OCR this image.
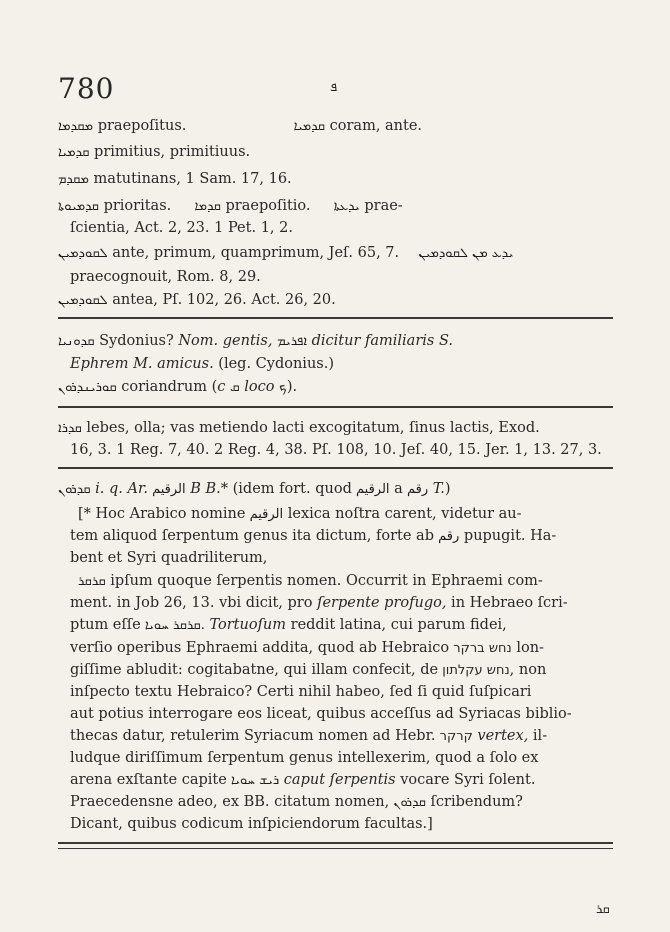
780	ܦ
ܡܩܕܡܐ praepoſitus.	ܩܕܡܝܐ coram, ante.
ܩܕܡܝܐ primitius, primitiuus.
ܡܩܕܡ matutinans, 1 Sam. 17, 16.
ܩܕܡܝܘܬܐ prioritas. ܩܕܡܐ praepoſitio. ܝܕܥܬܐ prae-
ſcientia, Act. 2, 23. 1 Pet. 1, 2.
ܠܩܘܕܡܝܢ ante, primum, quamprimum, Jeſ. 65, 7. ܝܕܥ ܡܢ ܠܩܘܕܡܝܢ
praecognouit, Rom. 8, 29.
ܠܩܘܕܡܝܢ antea, Pſ. 102, 26. Act. 26, 20.
ܩܕܘܢܝܐ Sydonius? Nom. gentis, ܐܦܪܝܡ dicitur familiaris S.
Ephrem M. amicus. (leg. Cydonius.)
ܩܘܪܝܢܕܪܘܢ coriandrum (c ܩ loco ܟ).
ܩܕܪܐ lebes, olla; vas metiendo lacti excogitatum, ſinus lactis, Exod.
16, 3. 1 Reg. 7, 40. 2 Reg. 4, 38. Pſ. 108, 10. Jeſ. 40, 15. Jer. 1, 13. 27, 3.
ܩܕܪܘܢ i. q. Ar. الرقيم B B.* (idem fort. quod الرقيم a رقم T.)
[* Hoc Arabico nomine الرقيم lexica noſtra carent, videtur au-
tem aliquod ſerpentum genus ita dictum, forte ab رقم pupugit. Ha-
bent et Syri quadriliterum,
ܩܪܩܪ ipſum quoque ſerpentis nomen. Occurrit in Ephraemi com-
ment. in Job 26, 13. vbi dicit, pro ſerpente profugo, in Hebraeo ſcri-
ptum eſſe ܩܪܩܪ ܚܘܝܐ. Tortuoſum reddit latina, cui parum fidei,
verſio operibus Ephraemi addita, quod ab Hebraico נחש ברקר lon-
giſſime abludit: cogitabatne, qui illam confecit, de נחש עקלתון, non
inſpecto textu Hebraico? Certi nihil habeo, ſed ſi quid ſuſpicari
aut potius interrogare eos liceat, quibus acceſſus ad Syriacas biblio-
thecas datur, retulerim Syriacum nomen ad Hebr. קרקר vertex, il-
ludque diriſſimum ſerpentum genus intellexerim, quod a ſolo ex
arena exſtante capite ܪܝܫ ܚܘܝܐ caput ſerpentis vocare Syri ſolent.
Praecedensne adeo, ex BB. citatum nomen, ܩܕܪܘܢ ſcribendum?
Dicant, quibus codicum inſpiciendorum facultas.]
ܩܪ
